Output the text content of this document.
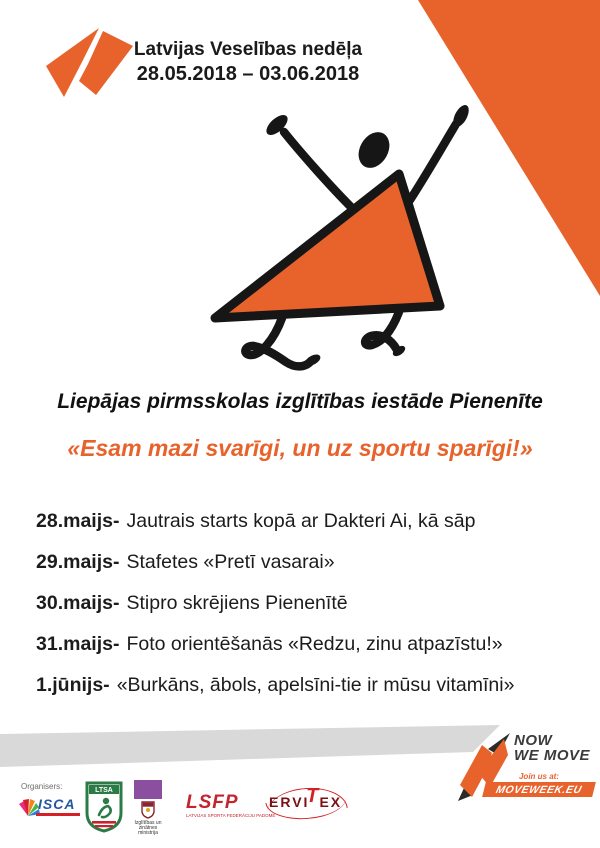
Latvijas Veselības nedēļa
28.05.2018 – 03.06.2018
Liepājas pirmsskolas izglītības iestāde Pienenīte
«Esam mazi svarīgi, un uz sportu sparīgi!»
28.maijs- Jautrais starts kopā ar Dakteri Ai, kā sāp
29.maijs- Stafetes «Pretī vasarai»
30.maijs- Stipro skrējiens Pienenītē
31.maijs- Foto orientēšanās «Redzu, zinu atpazīstu!»
1.jūnijs- «Burkāns, ābols, apelsīni-tie ir mūsu vitamīni»
Organisers:
ISCA
LTSA
Izglītības un zinātnes ministrija
LSFP
LATVIJAS SPORTA FEDERĀCIJU PADOME
ERVI EX
T
NOW
WE MOVE
Join us at:
MOVEWEEK.EU
